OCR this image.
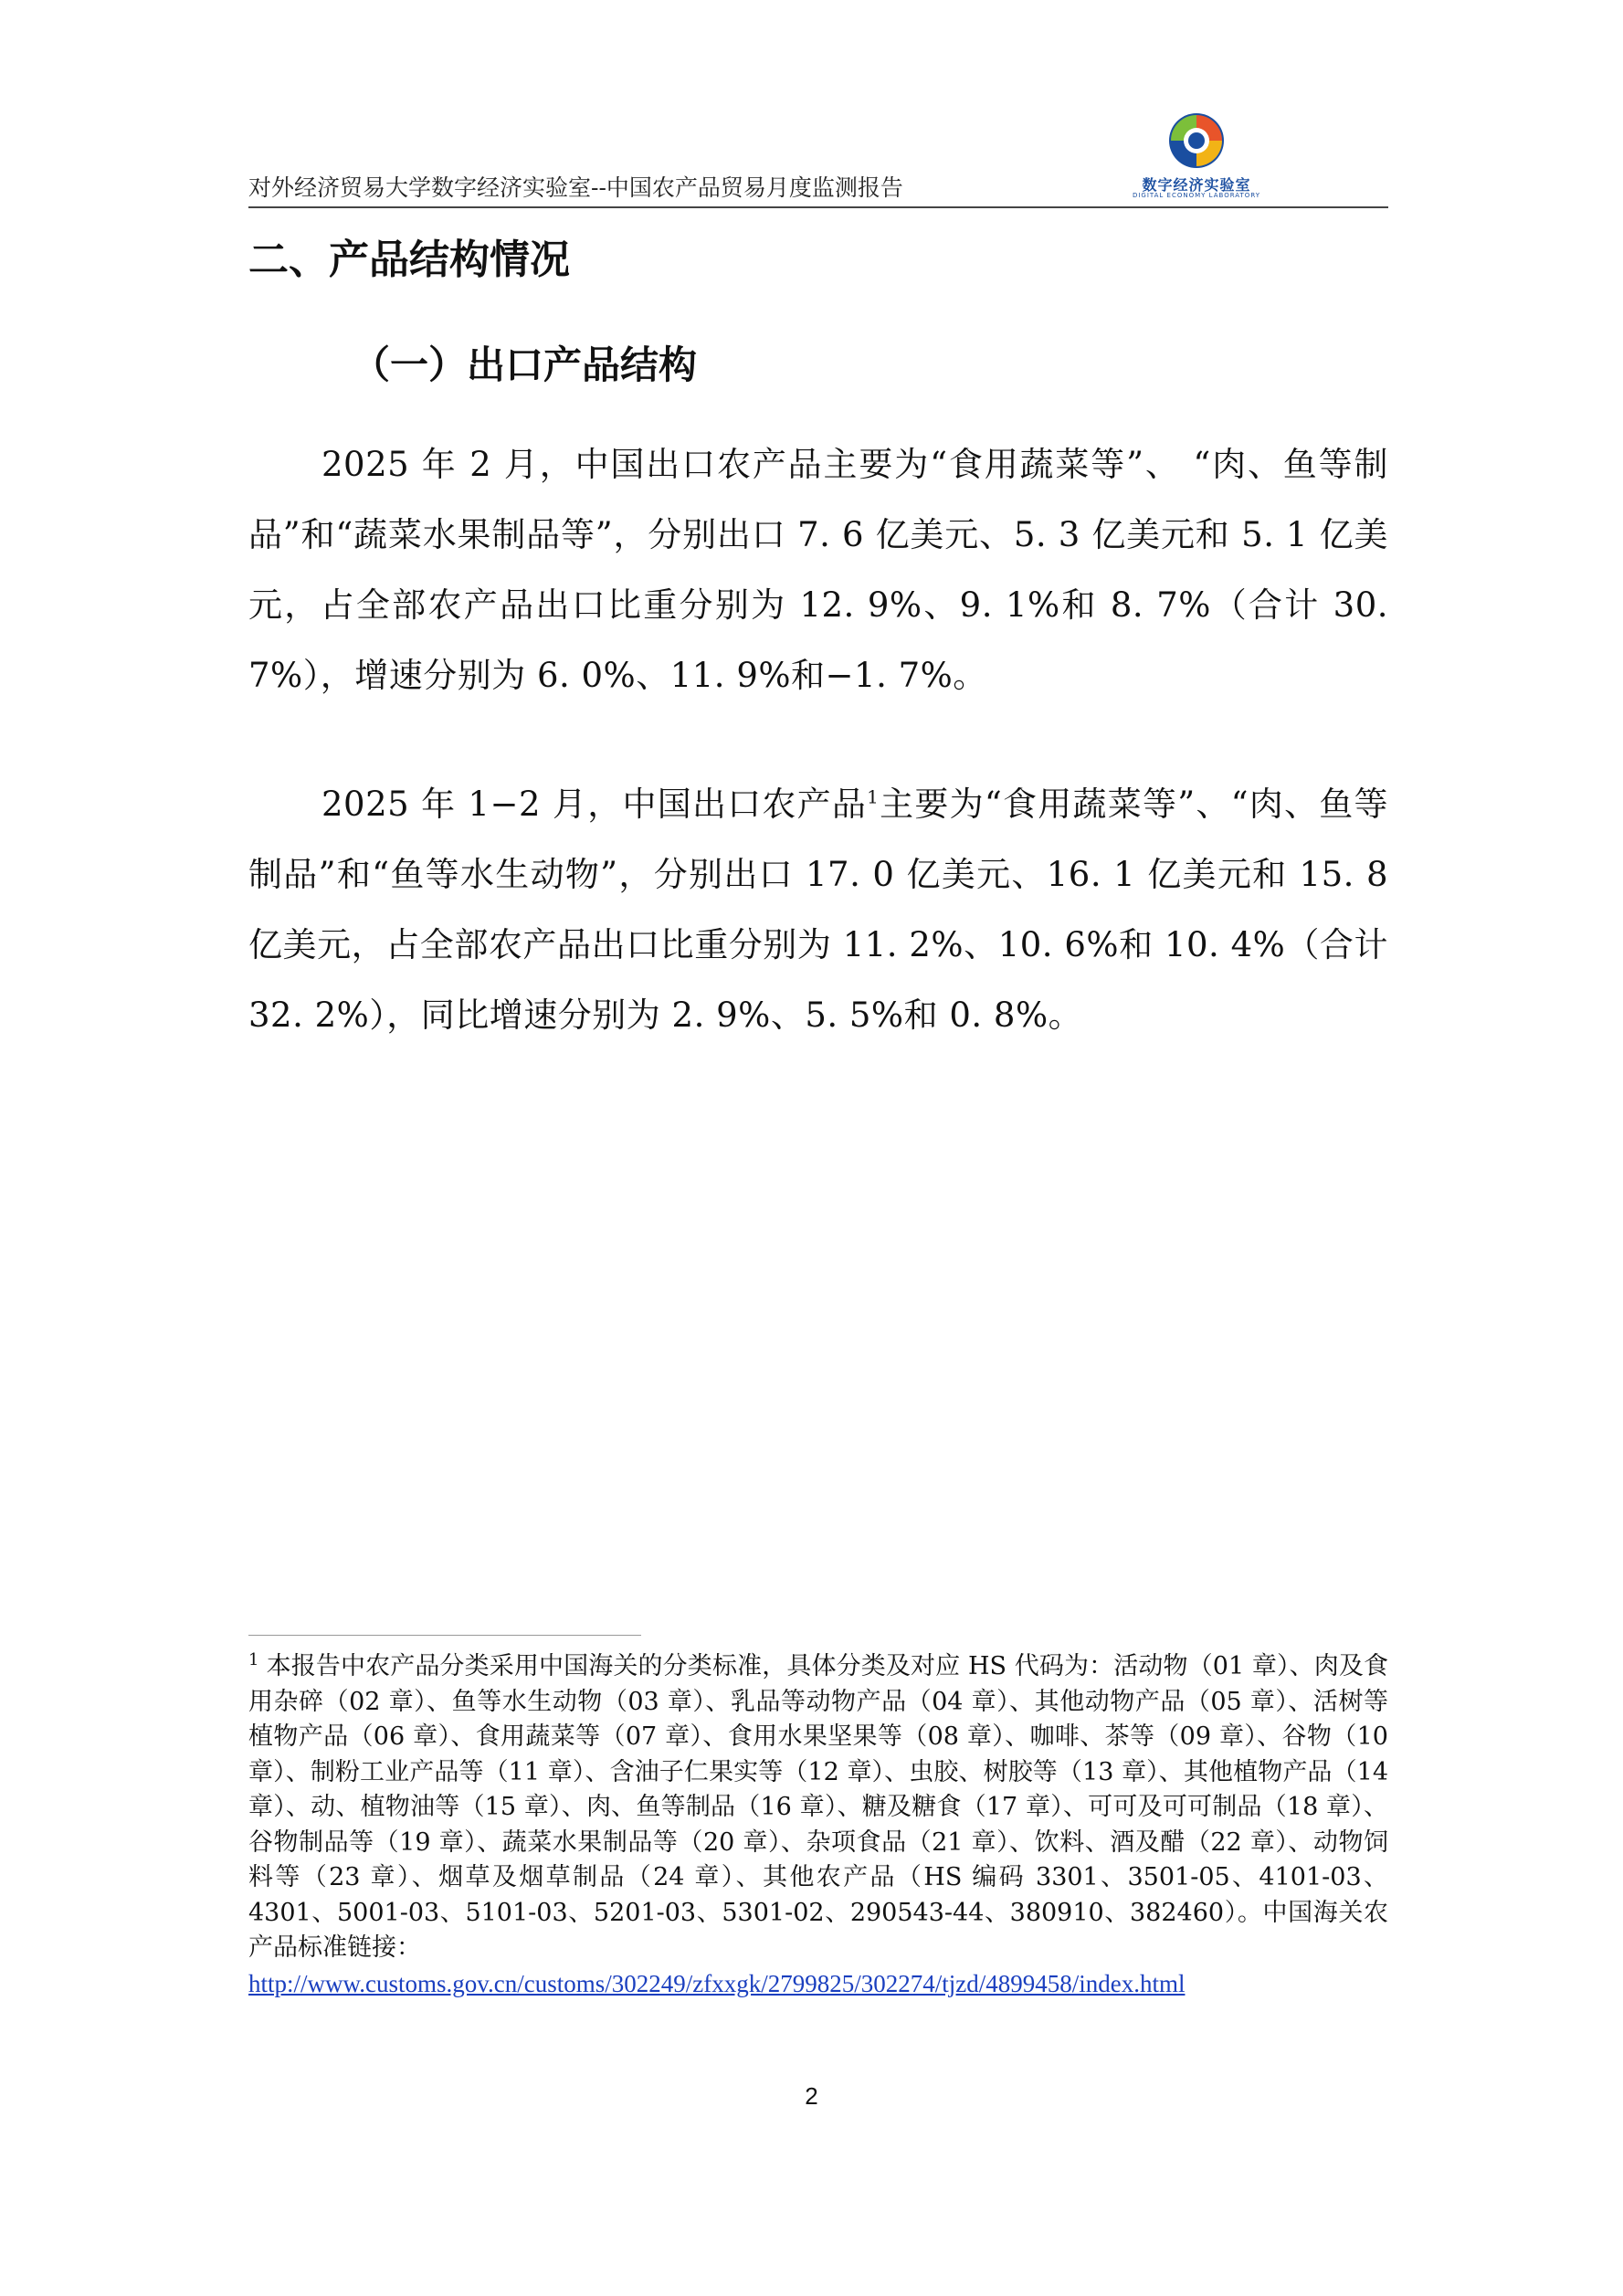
对外经济贸易大学数字经济实验室--中国农产品贸易月度监测报告	数字经济实验室
DIGITAL ECONOMY LABORATORY
二、产品结构情况
（一）出口产品结构

2025 年 2 月，中国出口农产品主要为“食用蔬菜等”、 “肉、鱼等制品”和“蔬菜水果制品等”，分别出口 7. 6 亿美元、5. 3 亿美元和 5. 1 亿美元，占全部农产品出口比重分别为 12. 9%、9. 1%和 8. 7%（合计 30. 7%），增速分别为 6. 0%、11. 9%和−1. 7%。

2025 年 1−2 月，中国出口农产品$^1$主要为“食用蔬菜等”、“肉、鱼等制品”和“鱼等水生动物”，分别出口 17. 0 亿美元、16. 1 亿美元和 15. 8 亿美元，占全部农产品出口比重分别为 11. 2%、10. 6%和 10. 4%（合计 32. 2%），同比增速分别为 2. 9%、5. 5%和 0. 8%。

$^1$ 本报告中农产品分类采用中国海关的分类标准，具体分类及对应 HS 代码为：活动物（01 章）、肉及食用杂碎（02 章）、鱼等水生动物（03 章）、乳品等动物产品（04 章）、其他动物产品（05 章）、活树等植物产品（06 章）、食用蔬菜等（07 章）、食用水果坚果等（08 章）、咖啡、茶等（09 章）、谷物（10 章）、制粉工业产品等（11 章）、含油子仁果实等（12 章）、虫胶、树胶等（13 章）、其他植物产品（14 章）、动、植物油等（15 章）、肉、鱼等制品（16 章）、糖及糖食（17 章）、可可及可可制品（18 章）、谷物制品等（19 章）、蔬菜水果制品等（20 章）、杂项食品（21 章）、饮料、酒及醋（22 章）、动物饲料等（23 章）、烟草及烟草制品（24 章）、其他农产品（HS 编码 3301、3501-05、4101-03、4301、5001-03、5101-03、5201-03、5301-02、290543-44、380910、382460）。中国海关农产品标准链接：
http://www.customs.gov.cn/customs/302249/zfxxgk/2799825/302274/tjzd/4899458/index.html
2
